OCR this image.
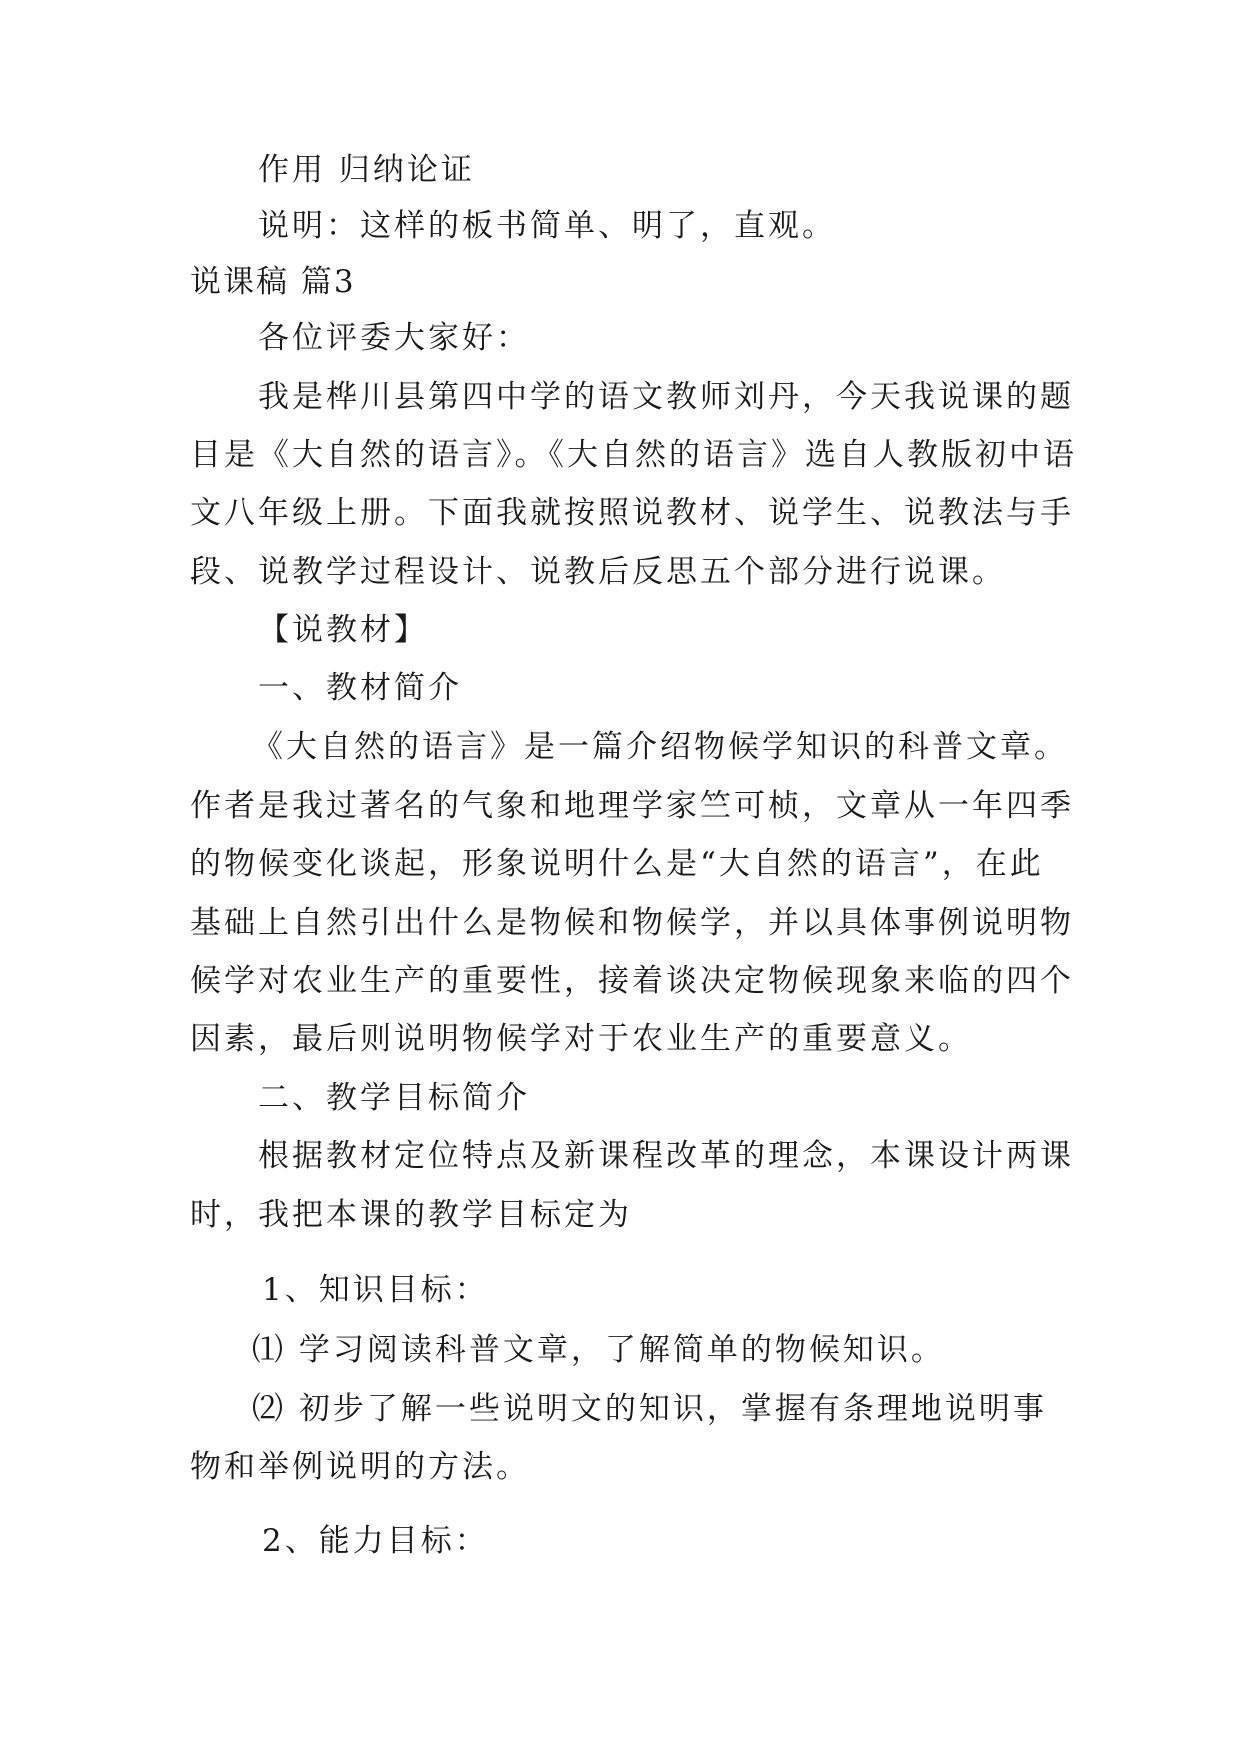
作用 归纳论证
说明：这样的板书简单、明了，直观。
说课稿 篇3
各位评委大家好：
我是桦川县第四中学的语文教师刘丹，今天我说课的题
目是《大自然的语言》。《大自然的语言》选自人教版初中语
文八年级上册。下面我就按照说教材、说学生、说教法与手
段、说教学过程设计、说教后反思五个部分进行说课。
【说教材】
一、教材简介
《大自然的语言》是一篇介绍物候学知识的科普文章。
作者是我过著名的气象和地理学家竺可桢，文章从一年四季
的物候变化谈起，形象说明什么是“大自然的语言”，在此
基础上自然引出什么是物候和物候学，并以具体事例说明物
候学对农业生产的重要性，接着谈决定物候现象来临的四个
因素，最后则说明物候学对于农业生产的重要意义。
二、教学目标简介
根据教材定位特点及新课程改革的理念，本课设计两课
时，我把本课的教学目标定为
1、知识目标：
⑴ 学习阅读科普文章，了解简单的物候知识。
⑵ 初步了解一些说明文的知识，掌握有条理地说明事
物和举例说明的方法。
2、能力目标：
